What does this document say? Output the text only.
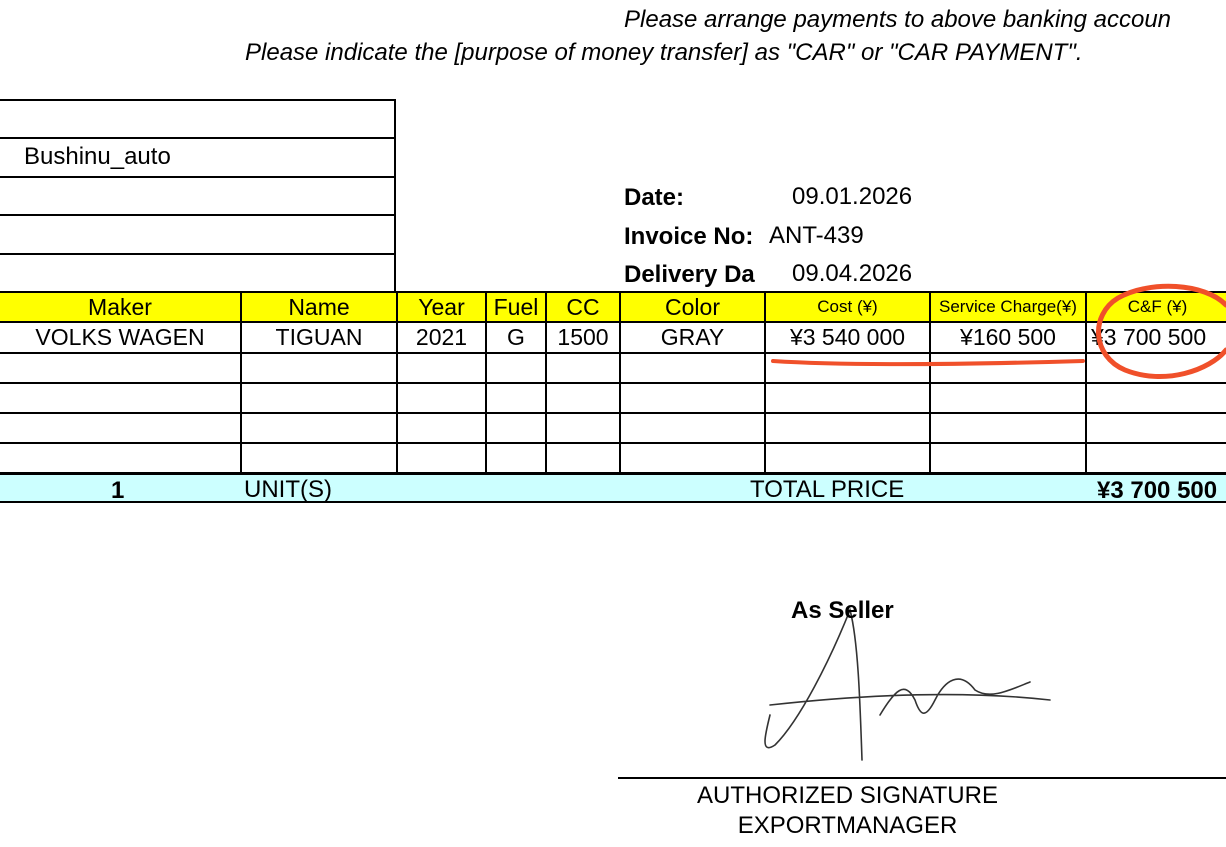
Please arrange payments to above banking accoun
Please indicate the [purpose of money transfer] as "CAR" or "CAR PAYMENT".
Bushinu_auto
Date:	09.01.2026
Invoice No: ANT-439
Delivery Da	09.04.2026
Maker	Name	Year	Fuel	CC	Color	Cost (¥)	Service Charge(¥)	C&F (¥)
VOLKS WAGEN	TIGUAN	2021	G	1500	GRAY	¥3 540 000	¥160 500	¥3 700 500

1	UNIT(S)	TOTAL PRICE	¥3 700 500
As Seller
AUTHORIZED SIGNATURE
EXPORTMANAGER
